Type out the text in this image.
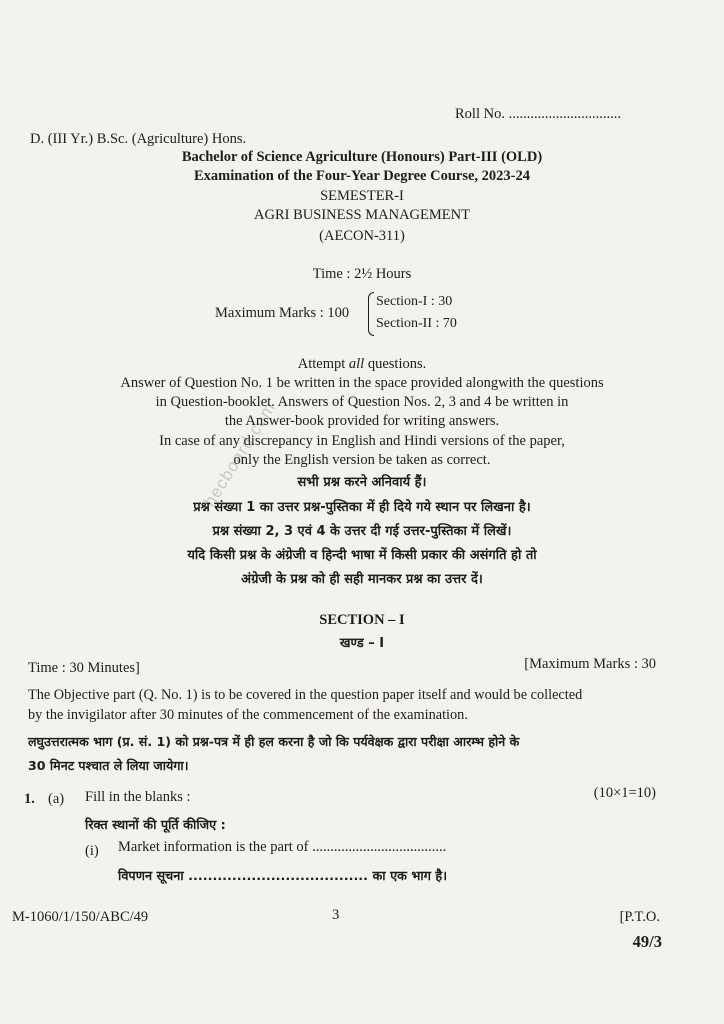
hecboard.com
Roll No. ...............................
D. (III Yr.) B.Sc. (Agriculture) Hons.
Bachelor of Science Agriculture (Honours) Part-III (OLD)
Examination of the Four-Year Degree Course, 2023-24
SEMESTER-I
AGRI BUSINESS MANAGEMENT
(AECON-311)
Time : 2½ Hours
Maximum Marks : 100
Section-I : 30
Section-II : 70
Attempt all questions.
Answer of Question No. 1 be written in the space provided alongwith the questions
in Question-booklet. Answers of Question Nos. 2, 3 and 4 be written in
the Answer-book provided for writing answers.
In case of any discrepancy in English and Hindi versions of the paper,
only the English version be taken as correct.
सभी प्रश्न करने अनिवार्य हैं।
प्रश्न संख्या 1 का उत्तर प्रश्न-पुस्तिका में ही दिये गये स्थान पर लिखना है।
प्रश्न संख्या 2, 3 एवं 4 के उत्तर दी गई उत्तर-पुस्तिका में लिखें।
यदि किसी प्रश्न के अंग्रेजी व हिन्दी भाषा में किसी प्रकार की असंगति हो तो
अंग्रेजी के प्रश्न को ही सही मानकर प्रश्न का उत्तर दें।
SECTION – I
खण्ड – I
Time : 30 Minutes]	[Maximum Marks : 30
The Objective part (Q. No. 1) is to be covered in the question paper itself and would be collected
by the invigilator after 30 minutes of the commencement of the examination.
लघुउत्तरात्मक भाग (प्र. सं. 1) को प्रश्न-पत्र में ही हल करना है जो कि पर्यवेक्षक द्वारा परीक्षा आरम्भ होने के
30 मिनट पश्चात ले लिया जायेगा।
1. (a) Fill in the blanks :	(10×1=10)
रिक्त स्थानों की पूर्ति कीजिए :
(i) Market information is the part of .....................................
विपणन सूचना ..................................... का एक भाग है।
M-1060/1/150/ABC/49	3	[P.T.O.
49/3
